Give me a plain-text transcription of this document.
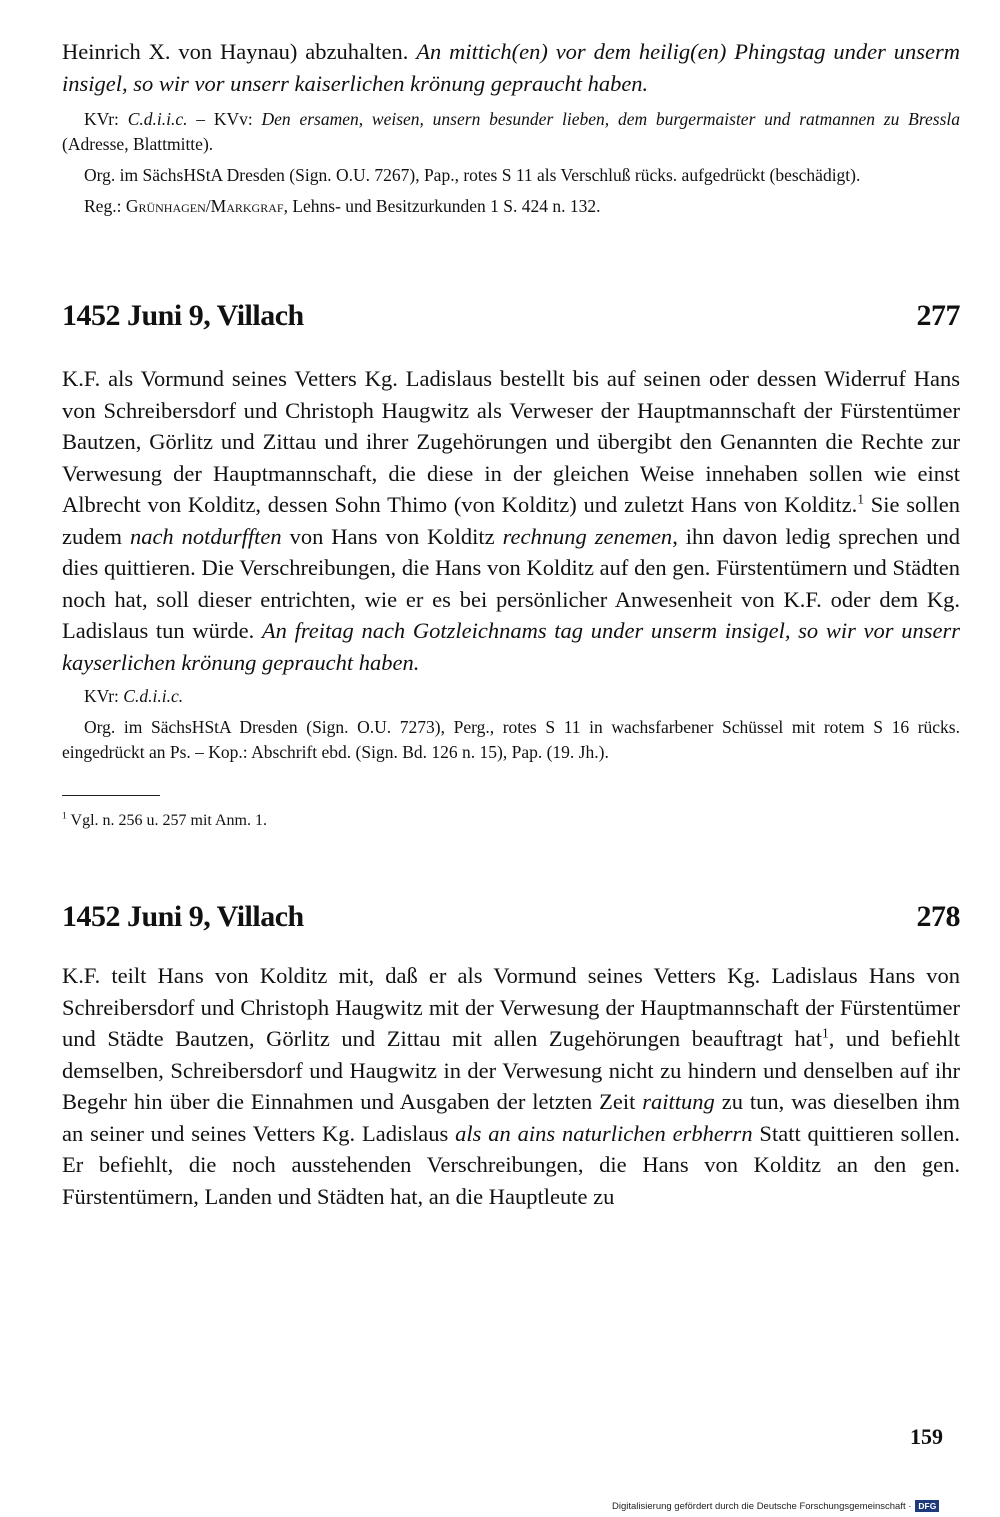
Heinrich X. von Haynau) abzuhalten. An mittich(en) vor dem heilig(en) Phingstag under unserm insigel, so wir vor unserr kaiserlichen krönung gepraucht haben.

KVr: C.d.i.i.c. – KVv: Den ersamen, weisen, unsern besunder lieben, dem burgermaister und ratmannen zu Bressla (Adresse, Blattmitte).

Org. im SächsHStA Dresden (Sign. O.U. 7267), Pap., rotes S 11 als Verschluß rücks. aufgedrückt (beschädigt).

Reg.: Grünhagen/Markgraf, Lehns- und Besitzurkunden 1 S. 424 n. 132.

1452 Juni 9, Villach	277

K.F. als Vormund seines Vetters Kg. Ladislaus bestellt bis auf seinen oder dessen Widerruf Hans von Schreibersdorf und Christoph Haugwitz als Verweser der Hauptmannschaft der Fürstentümer Bautzen, Görlitz und Zittau und ihrer Zugehörungen und übergibt den Genannten die Rechte zur Verwesung der Hauptmannschaft, die diese in der gleichen Weise innehaben sollen wie einst Albrecht von Kolditz, dessen Sohn Thimo (von Kolditz) und zuletzt Hans von Kolditz.$^1$ Sie sollen zudem nach notdurfften von Hans von Kolditz rechnung zenemen, ihn davon ledig sprechen und dies quittieren. Die Verschreibungen, die Hans von Kolditz auf den gen. Fürstentümern und Städten noch hat, soll dieser entrichten, wie er es bei persönlicher Anwesenheit von K.F. oder dem Kg. Ladislaus tun würde. An freitag nach Gotzleichnams tag under unserm insigel, so wir vor unserr kayserlichen krönung gepraucht haben.

KVr: C.d.i.i.c.

Org. im SächsHStA Dresden (Sign. O.U. 7273), Perg., rotes S 11 in wachsfarbener Schüssel mit rotem S 16 rücks. eingedrückt an Ps. – Kop.: Abschrift ebd. (Sign. Bd. 126 n. 15), Pap. (19. Jh.).

$^1$ Vgl. n. 256 u. 257 mit Anm. 1.

1452 Juni 9, Villach	278

K.F. teilt Hans von Kolditz mit, daß er als Vormund seines Vetters Kg. Ladislaus Hans von Schreibersdorf und Christoph Haugwitz mit der Verwesung der Hauptmannschaft der Fürstentümer und Städte Bautzen, Görlitz und Zittau mit allen Zugehörungen beauftragt hat$^1$, und befiehlt demselben, Schreibersdorf und Haugwitz in der Verwesung nicht zu hindern und denselben auf ihr Begehr hin über die Einnahmen und Ausgaben der letzten Zeit raittung zu tun, was dieselben ihm an seiner und seines Vetters Kg. Ladislaus als an ains naturlichen erbherrn Statt quittieren sollen. Er befiehlt, die noch ausstehenden Verschreibungen, die Hans von Kolditz an den gen. Fürstentümern, Landen und Städten hat, an die Hauptleute zu

159
Digitalisierung gefördert durch die Deutsche Forschungsgemeinschaft · DFG
